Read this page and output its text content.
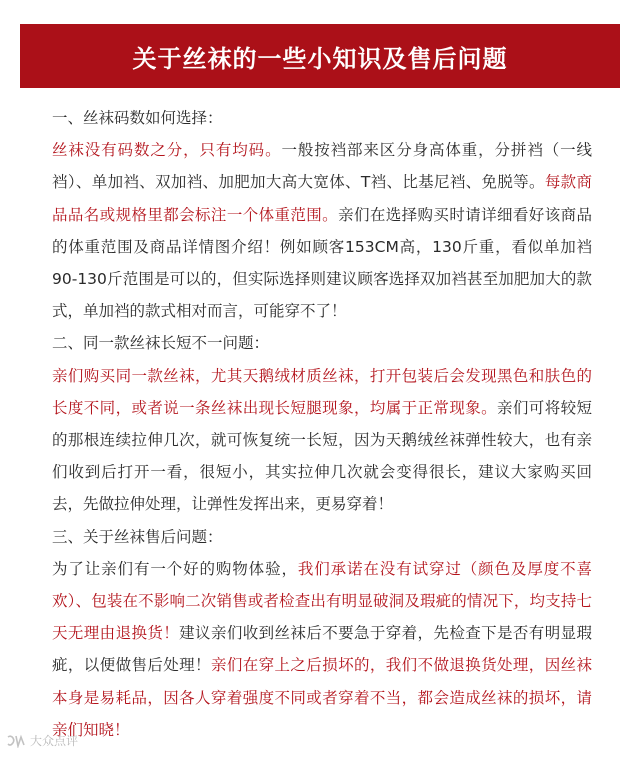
关于丝袜的一些小知识及售后问题

一、丝袜码数如何选择：

丝袜没有码数之分，只有均码。一般按裆部来区分身高体重，分拼裆（一线裆）、单加裆、双加裆、加肥加大高大宽体、T裆、比基尼裆、免脱等。每款商品品名或规格里都会标注一个体重范围。亲们在选择购买时请详细看好该商品的体重范围及商品详情图介绍！例如顾客153CM高，130斤重，看似单加裆90-130斤范围是可以的，但实际选择则建议顾客选择双加裆甚至加肥加大的款式，单加裆的款式相对而言，可能穿不了！

二、同一款丝袜长短不一问题：

亲们购买同一款丝袜，尤其天鹅绒材质丝袜，打开包装后会发现黑色和肤色的长度不同，或者说一条丝袜出现长短腿现象，均属于正常现象。亲们可将较短的那根连续拉伸几次，就可恢复统一长短，因为天鹅绒丝袜弹性较大，也有亲们收到后打开一看，很短小，其实拉伸几次就会变得很长，建议大家购买回去，先做拉伸处理，让弹性发挥出来，更易穿着！

三、关于丝袜售后问题：

为了让亲们有一个好的购物体验，我们承诺在没有试穿过（颜色及厚度不喜欢）、包装在不影响二次销售或者检查出有明显破洞及瑕疵的情况下，均支持七天无理由退换货！建议亲们收到丝袜后不要急于穿着，先检查下是否有明显瑕疵，以便做售后处理！亲们在穿上之后损坏的，我们不做退换货处理，因丝袜本身是易耗品，因各人穿着强度不同或者穿着不当，都会造成丝袜的损坏，请亲们知晓！

大众点评
